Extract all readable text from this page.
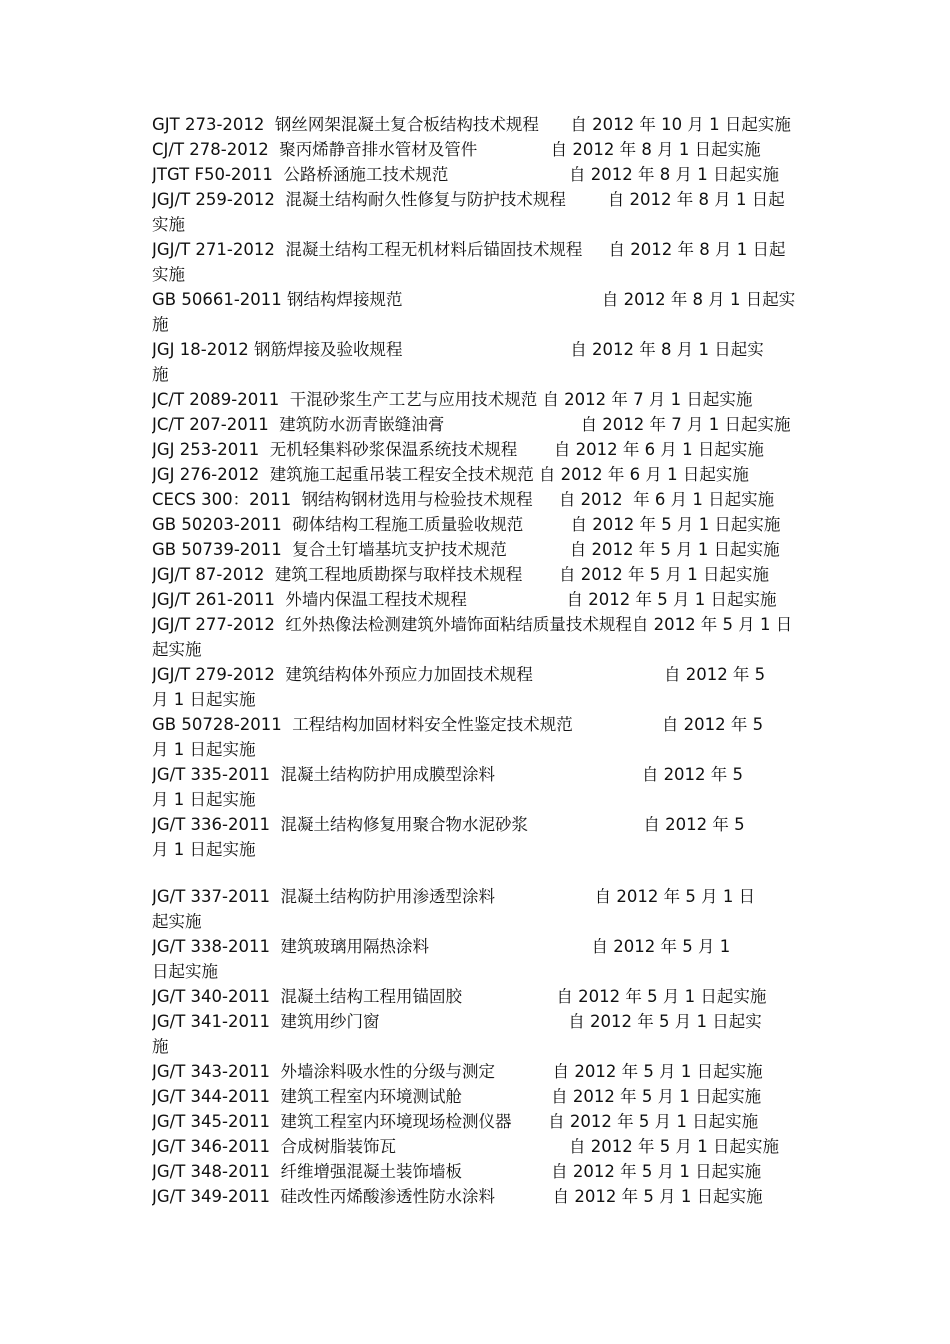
GJT 273-2012  钢丝网架混凝土复合板结构技术规程      自 2012 年 10 月 1 日起实施
CJ/T 278-2012  聚丙烯静音排水管材及管件              自 2012 年 8 月 1 日起实施
JTGT F50-2011  公路桥涵施工技术规范                       自 2012 年 8 月 1 日起实施
JGJ/T 259-2012  混凝土结构耐久性修复与防护技术规程        自 2012 年 8 月 1 日起
实施
JGJ/T 271-2012  混凝土结构工程无机材料后锚固技术规程     自 2012 年 8 月 1 日起
实施
GB 50661-2011 钢结构焊接规范                                      自 2012 年 8 月 1 日起实
施
JGJ 18-2012 钢筋焊接及验收规程                                自 2012 年 8 月 1 日起实
施
JC/T 2089-2011  干混砂浆生产工艺与应用技术规范 自 2012 年 7 月 1 日起实施
JC/T 207-2011  建筑防水沥青嵌缝油膏                          自 2012 年 7 月 1 日起实施
JGJ 253-2011  无机轻集料砂浆保温系统技术规程       自 2012 年 6 月 1 日起实施
JGJ 276-2012  建筑施工起重吊装工程安全技术规范 自 2012 年 6 月 1 日起实施
CECS 300：2011  钢结构钢材选用与检验技术规程     自 2012  年 6 月 1 日起实施
GB 50203-2011  砌体结构工程施工质量验收规范         自 2012 年 5 月 1 日起实施
GB 50739-2011  复合土钉墙基坑支护技术规范            自 2012 年 5 月 1 日起实施
JGJ/T 87-2012  建筑工程地质勘探与取样技术规程       自 2012 年 5 月 1 日起实施
JGJ/T 261-2011  外墙内保温工程技术规程                   自 2012 年 5 月 1 日起实施
JGJ/T 277-2012  红外热像法检测建筑外墙饰面粘结质量技术规程自 2012 年 5 月 1 日
起实施
JGJ/T 279-2012  建筑结构体外预应力加固技术规程                         自 2012 年 5
月 1 日起实施
GB 50728-2011  工程结构加固材料安全性鉴定技术规范                 自 2012 年 5
月 1 日起实施
JG/T 335-2011  混凝土结构防护用成膜型涂料                            自 2012 年 5
月 1 日起实施
JG/T 336-2011  混凝土结构修复用聚合物水泥砂浆                      自 2012 年 5
月 1 日起实施
JG/T 337-2011  混凝土结构防护用渗透型涂料                   自 2012 年 5 月 1 日
起实施
JG/T 338-2011  建筑玻璃用隔热涂料                               自 2012 年 5 月 1
日起实施
JG/T 340-2011  混凝土结构工程用锚固胶                  自 2012 年 5 月 1 日起实施
JG/T 341-2011  建筑用纱门窗                                    自 2012 年 5 月 1 日起实
施
JG/T 343-2011  外墙涂料吸水性的分级与测定           自 2012 年 5 月 1 日起实施
JG/T 344-2011  建筑工程室内环境测试舱                 自 2012 年 5 月 1 日起实施
JG/T 345-2011  建筑工程室内环境现场检测仪器       自 2012 年 5 月 1 日起实施
JG/T 346-2011  合成树脂装饰瓦                                 自 2012 年 5 月 1 日起实施
JG/T 348-2011  纤维增强混凝土装饰墙板                 自 2012 年 5 月 1 日起实施
JG/T 349-2011  硅改性丙烯酸渗透性防水涂料           自 2012 年 5 月 1 日起实施
